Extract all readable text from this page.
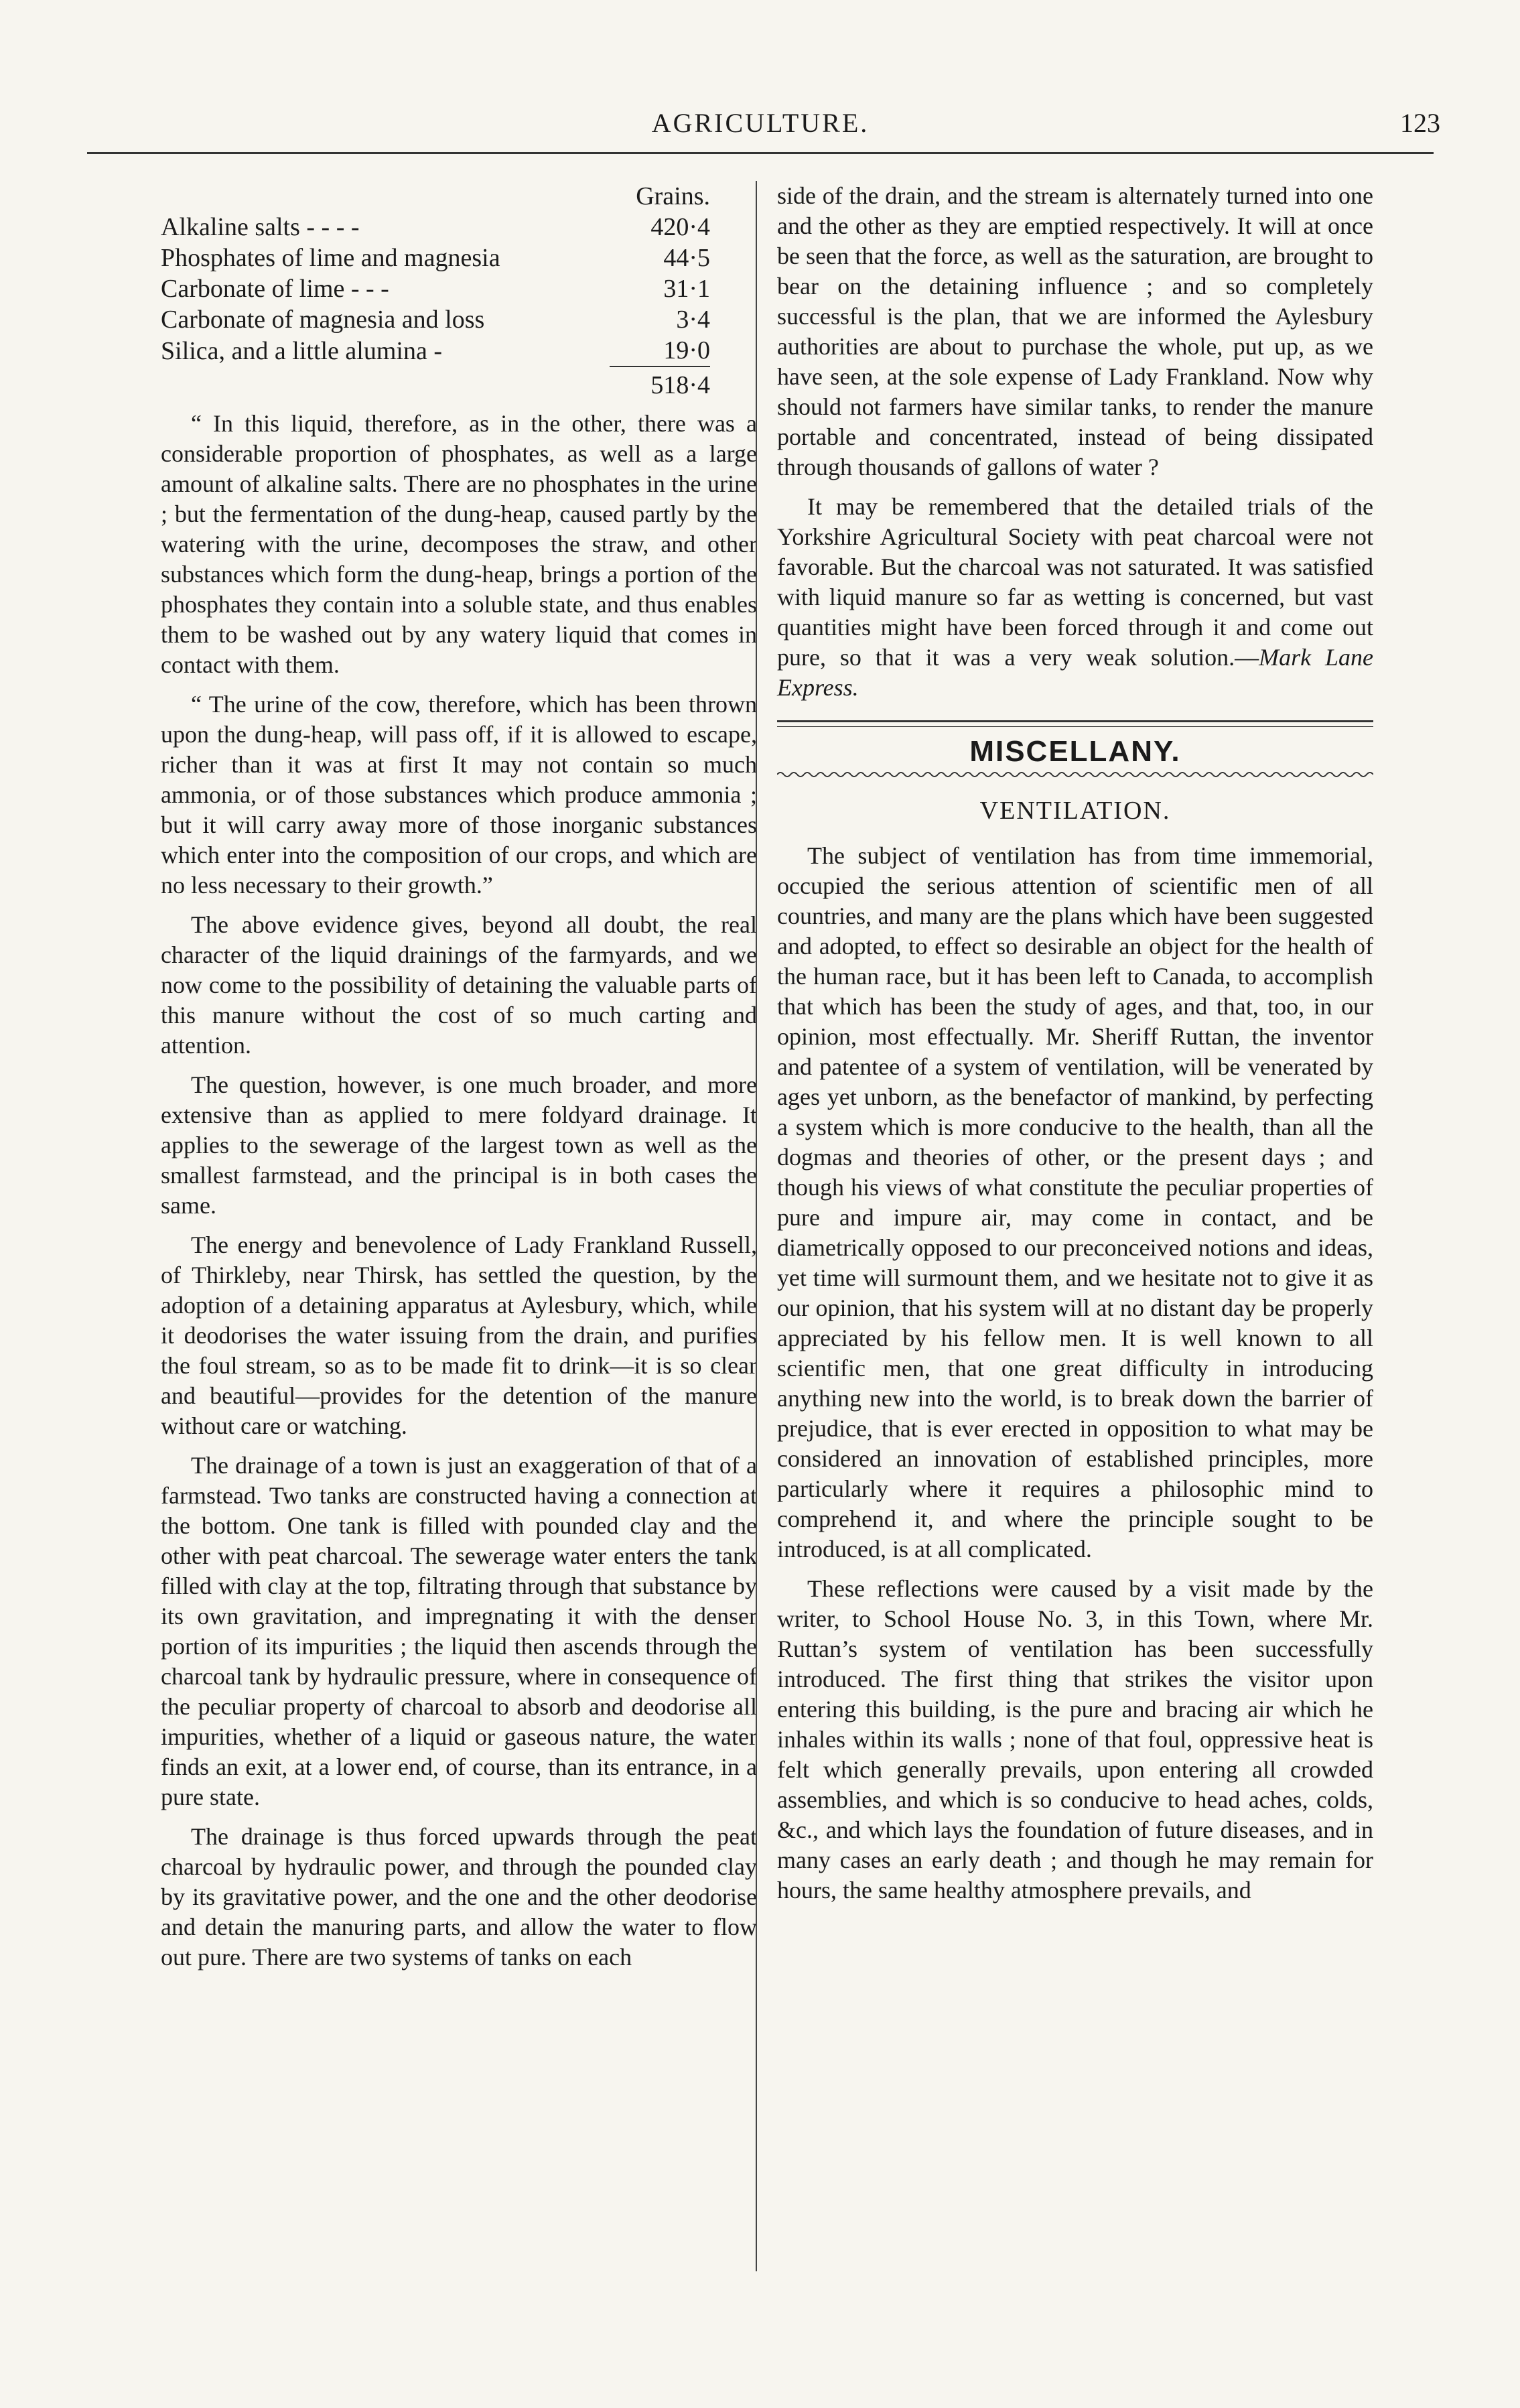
AGRICULTURE.	123
	Grains.
Alkaline salts - - - -	420·4
Phosphates of lime and magnesia	44·5
Carbonate of lime - - -	31·1
Carbonate of magnesia and loss	3·4
Silica, and a little alumina -	19·0
	518·4

“ In this liquid, therefore, as in the other, there was a considerable proportion of phosphates, as well as a large amount of alkaline salts. There are no phosphates in the urine ; but the fermentation of the dung-heap, caused partly by the watering with the urine, decomposes the straw, and other substances which form the dung-heap, brings a portion of the phosphates they contain into a soluble state, and thus enables them to be washed out by any watery liquid that comes in contact with them.

“ The urine of the cow, therefore, which has been thrown upon the dung-heap, will pass off, if it is allowed to escape, richer than it was at first It may not contain so much ammonia, or of those substances which produce ammonia ; but it will carry away more of those inorganic substances which enter into the composition of our crops, and which are no less necessary to their growth.”

The above evidence gives, beyond all doubt, the real character of the liquid drainings of the farmyards, and we now come to the possibility of detaining the valuable parts of this manure without the cost of so much carting and attention.

The question, however, is one much broader, and more extensive than as applied to mere foldyard drainage. It applies to the sewerage of the largest town as well as the smallest farmstead, and the principal is in both cases the same.

The energy and benevolence of Lady Frankland Russell, of Thirkleby, near Thirsk, has settled the question, by the adoption of a detaining apparatus at Aylesbury, which, while it deodorises the water issuing from the drain, and purifies the foul stream, so as to be made fit to drink—it is so clear and beautiful—provides for the detention of the manure without care or watching.

The drainage of a town is just an exaggeration of that of a farmstead. Two tanks are constructed having a connection at the bottom. One tank is filled with pounded clay and the other with peat charcoal. The sewerage water enters the tank filled with clay at the top, filtrating through that substance by its own gravitation, and impregnating it with the denser portion of its impurities ; the liquid then ascends through the charcoal tank by hydraulic pressure, where in consequence of the peculiar property of charcoal to absorb and deodorise all impurities, whether of a liquid or gaseous nature, the water finds an exit, at a lower end, of course, than its entrance, in a pure state.

The drainage is thus forced upwards through the peat charcoal by hydraulic power, and through the pounded clay by its gravitative power, and the one and the other deodorise and detain the manuring parts, and allow the water to flow out pure. There are two systems of tanks on each

side of the drain, and the stream is alternately turned into one and the other as they are emptied respectively. It will at once be seen that the force, as well as the saturation, are brought to bear on the detaining influence ; and so completely successful is the plan, that we are informed the Aylesbury authorities are about to purchase the whole, put up, as we have seen, at the sole expense of Lady Frankland. Now why should not farmers have similar tanks, to render the manure portable and concentrated, instead of being dissipated through thousands of gallons of water ?

It may be remembered that the detailed trials of the Yorkshire Agricultural Society with peat charcoal were not favorable. But the charcoal was not saturated. It was satisfied with liquid manure so far as wetting is concerned, but vast quantities might have been forced through it and come out pure, so that it was a very weak solution.—Mark Lane Express.

MISCELLANY.
VENTILATION.

The subject of ventilation has from time immemorial, occupied the serious attention of scientific men of all countries, and many are the plans which have been suggested and adopted, to effect so desirable an object for the health of the human race, but it has been left to Canada, to accomplish that which has been the study of ages, and that, too, in our opinion, most effectually. Mr. Sheriff Ruttan, the inventor and patentee of a system of ventilation, will be venerated by ages yet unborn, as the benefactor of mankind, by perfecting a system which is more conducive to the health, than all the dogmas and theories of other, or the present days ; and though his views of what constitute the peculiar properties of pure and impure air, may come in contact, and be diametrically opposed to our preconceived notions and ideas, yet time will surmount them, and we hesitate not to give it as our opinion, that his system will at no distant day be properly appreciated by his fellow men. It is well known to all scientific men, that one great difficulty in introducing anything new into the world, is to break down the barrier of prejudice, that is ever erected in opposition to what may be considered an innovation of established principles, more particularly where it requires a philosophic mind to comprehend it, and where the principle sought to be introduced, is at all complicated.

These reflections were caused by a visit made by the writer, to School House No. 3, in this Town, where Mr. Ruttan’s system of ventilation has been successfully introduced. The first thing that strikes the visitor upon entering this building, is the pure and bracing air which he inhales within its walls ; none of that foul, oppressive heat is felt which generally prevails, upon entering all crowded assemblies, and which is so conducive to head aches, colds, &c., and which lays the foundation of future diseases, and in many cases an early death ; and though he may remain for hours, the same healthy atmosphere prevails, and
